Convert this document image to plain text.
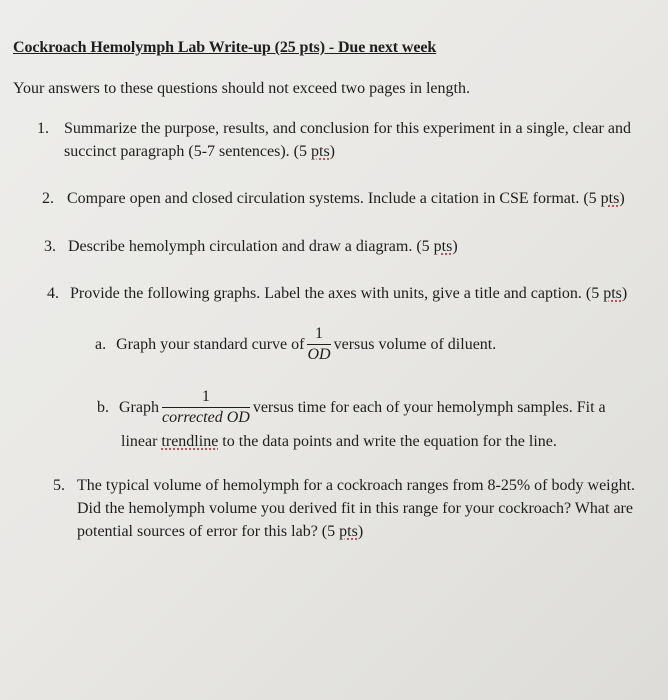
Cockroach Hemolymph Lab Write-up (25 pts) - Due next week
Your answers to these questions should not exceed two pages in length.
1. Summarize the purpose, results, and conclusion for this experiment in a single, clear and
succinct paragraph (5-7 sentences). (5 pts)
2. Compare open and closed circulation systems. Include a citation in CSE format. (5 pts)
3. Describe hemolymph circulation and draw a diagram. (5 pts)
4. Provide the following graphs. Label the axes with units, give a title and caption. (5 pts)
a. Graph your standard curve of $\frac{1}{OD}$ versus volume of diluent.
b. Graph $\frac{1}{\text{corrected OD}}$ versus time for each of your hemolymph samples. Fit a
linear trendline to the data points and write the equation for the line.
5. The typical volume of hemolymph for a cockroach ranges from 8-25% of body weight.
Did the hemolymph volume you derived fit in this range for your cockroach? What are
potential sources of error for this lab? (5 pts)
